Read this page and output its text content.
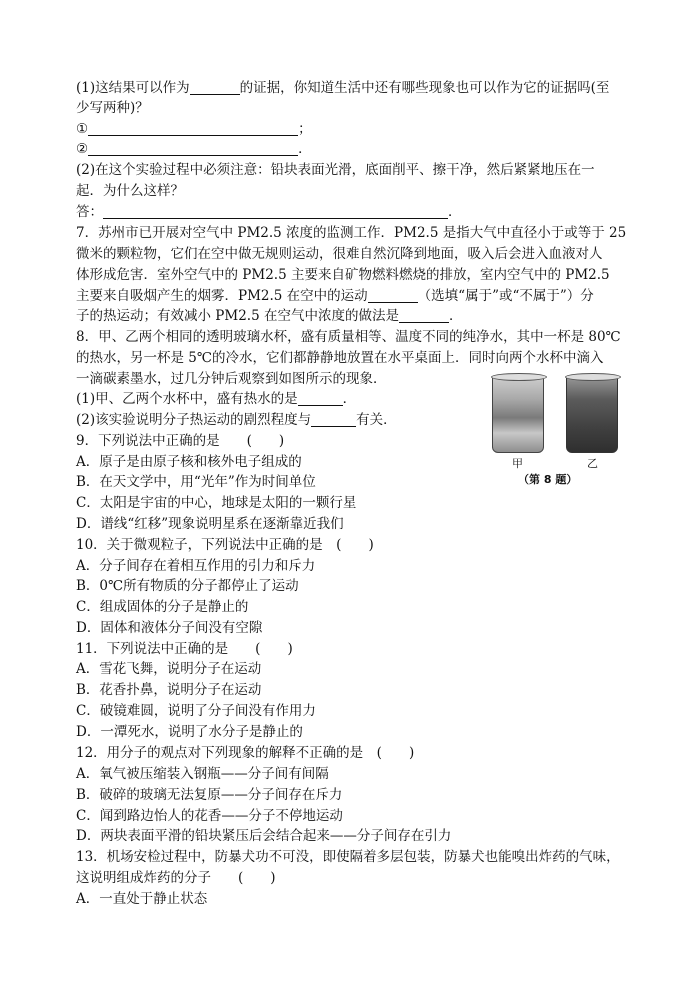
(1)这结果可以作为	的证据，你知道生活中还有哪些现象也可以作为它的证据吗(至
少写两种)？
①	；
②	．
(2)在这个实验过程中必须注意：铅块表面光滑，底面削平、擦干净，然后紧紧地压在一
起．为什么这样？
答：	．
7．苏州市已开展对空气中 PM2.5 浓度的监测工作．PM2.5 是指大气中直径小于或等于 25
微米的颗粒物，它们在空中做无规则运动，很难自然沉降到地面，吸入后会进入血液对人
体形成危害．室外空气中的 PM2.5 主要来自矿物燃料燃烧的排放，室内空气中的 PM2.5
主要来自吸烟产生的烟雾．PM2.5 在空中的运动	（选填“属于”或“不属于”）分
子的热运动；有效减小 PM2.5 在空气中浓度的做法是	．
8．甲、乙两个相同的透明玻璃水杯，盛有质量相等、温度不同的纯净水，其中一杯是 80℃
的热水，另一杯是 5℃的冷水，它们都静静地放置在水平桌面上．同时向两个水杯中滴入
一滴碳素墨水，过几分钟后观察到如图所示的现象．
(1)甲、乙两个水杯中，盛有热水的是	．
(2)该实验说明分子热运动的剧烈程度与	有关．
9．下列说法中正确的是　　(　　)
A．原子是由原子核和核外电子组成的
B．在天文学中，用“光年”作为时间单位
C．太阳是宇宙的中心，地球是太阳的一颗行星
D．谱线“红移”现象说明星系在逐渐靠近我们
10．关于微观粒子，下列说法中正确的是　(　　)
A．分子间存在着相互作用的引力和斥力
B．0℃所有物质的分子都停止了运动
C．组成固体的分子是静止的
D．固体和液体分子间没有空隙
11．下列说法中正确的是　　(　　)
A．雪花飞舞，说明分子在运动
B．花香扑鼻，说明分子在运动
C．破镜难圆，说明了分子间没有作用力
D．一潭死水，说明了水分子是静止的
12．用分子的观点对下列现象的解释不正确的是　(　　)
A．氧气被压缩装入钢瓶——分子间有间隔
B．破碎的玻璃无法复原——分子间存在斥力
C．闻到路边怡人的花香——分子不停地运动
D．两块表面平滑的铅块紧压后会结合起来——分子间存在引力
13．机场安检过程中，防暴犬功不可没，即使隔着多层包装，防暴犬也能嗅出炸药的气味，
这说明组成炸药的分子　　(　　)
A．一直处于静止状态
甲	乙
（第 8 题）
